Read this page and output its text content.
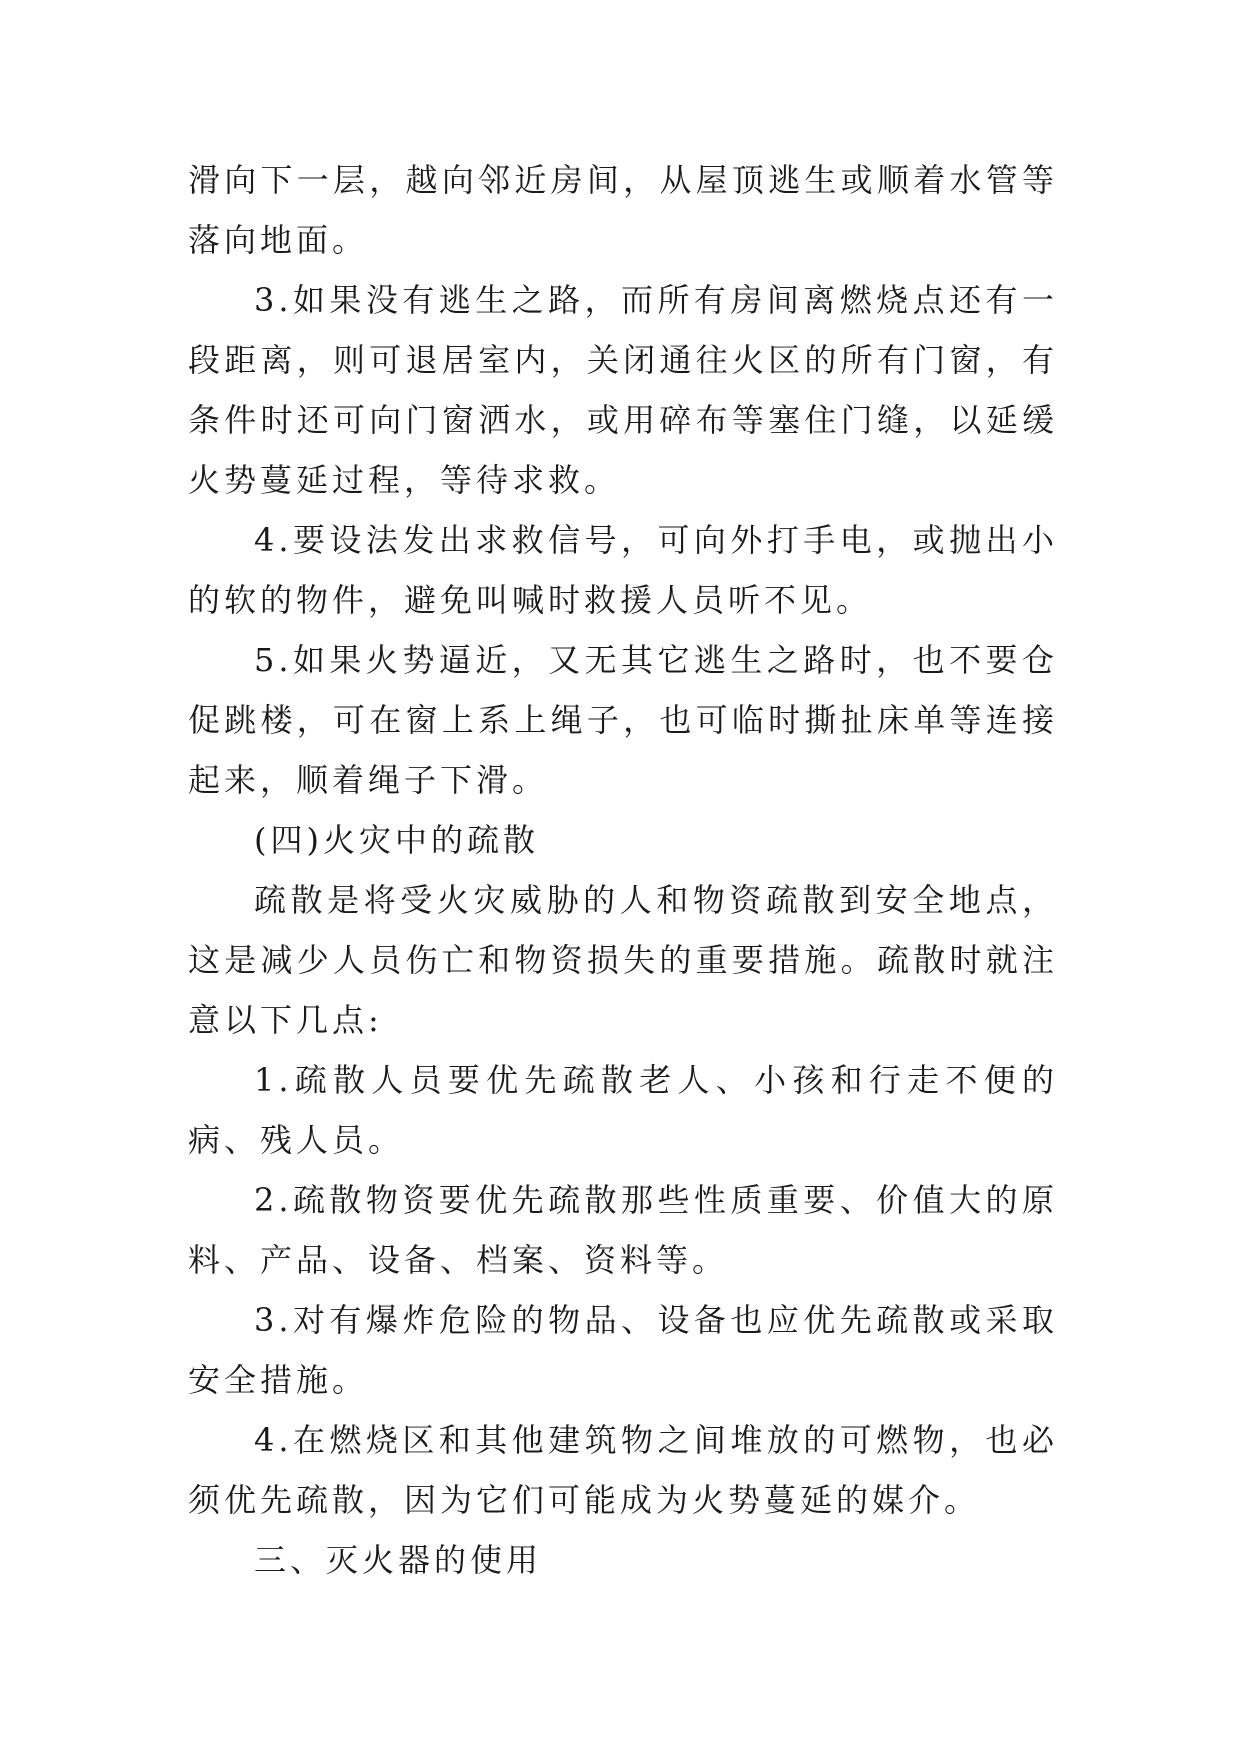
滑向下一层，越向邻近房间，从屋顶逃生或顺着水管等落向地面。

3.如果没有逃生之路，而所有房间离燃烧点还有一段距离，则可退居室内，关闭通往火区的所有门窗，有条件时还可向门窗洒水，或用碎布等塞住门缝，以延缓火势蔓延过程，等待求救。

4.要设法发出求救信号，可向外打手电，或抛出小的软的物件，避免叫喊时救援人员听不见。

5.如果火势逼近，又无其它逃生之路时，也不要仓促跳楼，可在窗上系上绳子，也可临时撕扯床单等连接起来，顺着绳子下滑。

(四)火灾中的疏散

疏散是将受火灾威胁的人和物资疏散到安全地点，这是减少人员伤亡和物资损失的重要措施。疏散时就注意以下几点:

1.疏散人员要优先疏散老人、小孩和行走不便的病、残人员。

2.疏散物资要优先疏散那些性质重要、价值大的原料、产品、设备、档案、资料等。

3.对有爆炸危险的物品、设备也应优先疏散或采取安全措施。

4.在燃烧区和其他建筑物之间堆放的可燃物，也必须优先疏散，因为它们可能成为火势蔓延的媒介。

三、灭火器的使用
